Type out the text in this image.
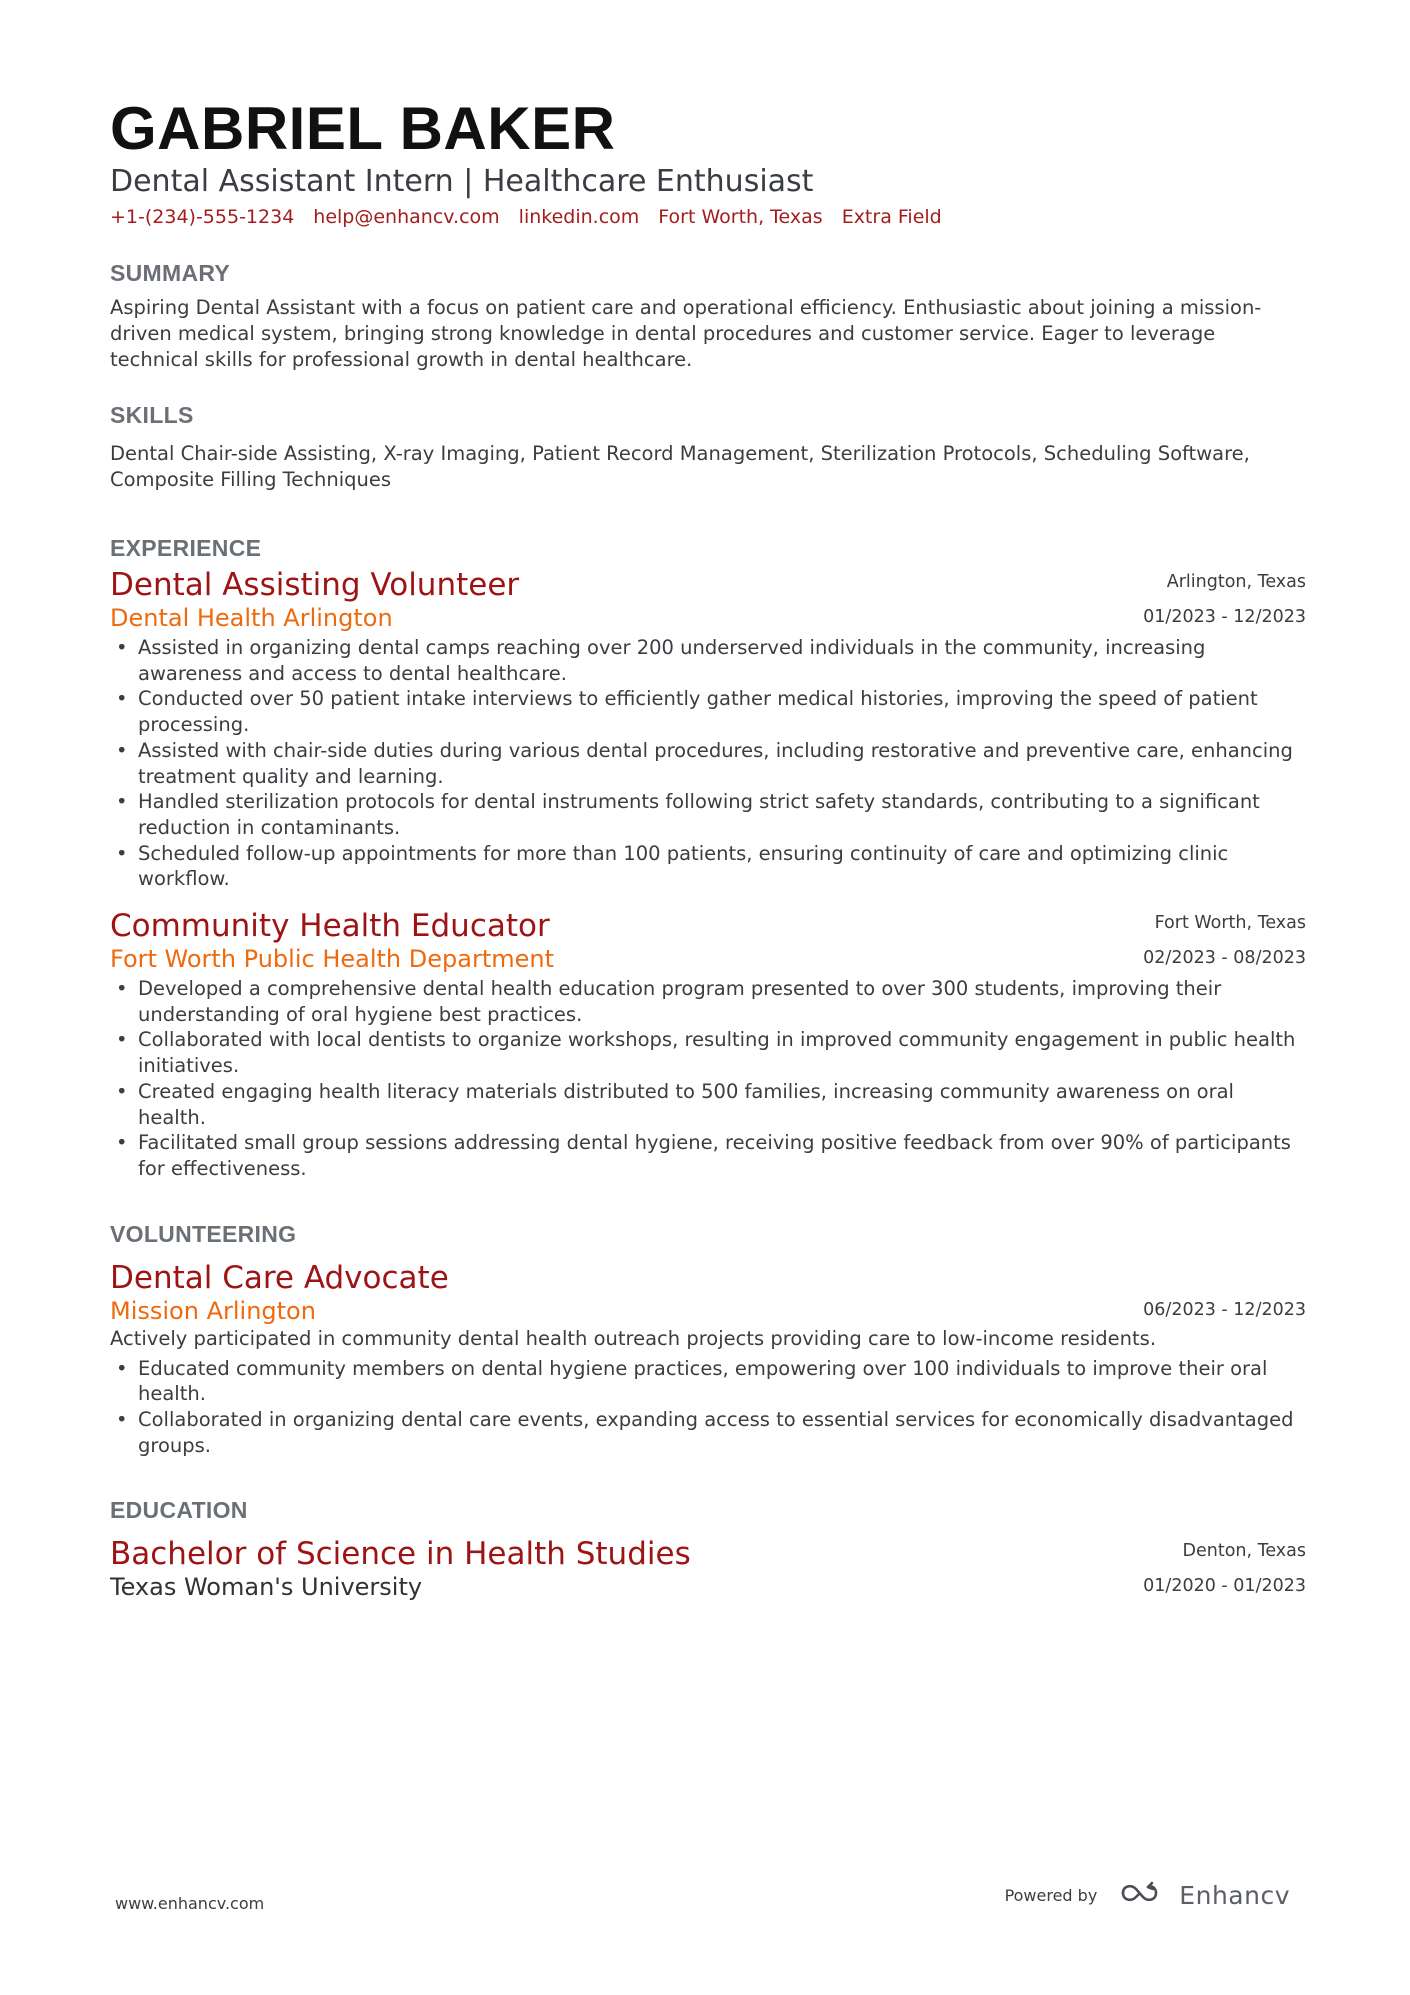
GABRIEL BAKER
Dental Assistant Intern | Healthcare Enthusiast
+1-(234)-555-1234 help@enhancv.com linkedin.com Fort Worth, Texas Extra Field
SUMMARY
Aspiring Dental Assistant with a focus on patient care and operational efficiency. Enthusiastic about joining a mission-driven medical system, bringing strong knowledge in dental procedures and customer service. Eager to leverage technical skills for professional growth in dental healthcare.
SKILLS
Dental Chair-side Assisting, X-ray Imaging, Patient Record Management, Sterilization Protocols, Scheduling Software, Composite Filling Techniques
EXPERIENCE
Arlington, Texas
01/2023 - 12/2023
Dental Assisting Volunteer
Dental Health Arlington
• Assisted in organizing dental camps reaching over 200 underserved individuals in the community, increasing awareness and access to dental healthcare.
• Conducted over 50 patient intake interviews to efficiently gather medical histories, improving the speed of patient processing.
• Assisted with chair-side duties during various dental procedures, including restorative and preventive care, enhancing treatment quality and learning.
• Handled sterilization protocols for dental instruments following strict safety standards, contributing to a significant reduction in contaminants.
• Scheduled follow-up appointments for more than 100 patients, ensuring continuity of care and optimizing clinic workflow.
Fort Worth, Texas
02/2023 - 08/2023
Community Health Educator
Fort Worth Public Health Department
• Developed a comprehensive dental health education program presented to over 300 students, improving their understanding of oral hygiene best practices.
• Collaborated with local dentists to organize workshops, resulting in improved community engagement in public health initiatives.
• Created engaging health literacy materials distributed to 500 families, increasing community awareness on oral health.
• Facilitated small group sessions addressing dental hygiene, receiving positive feedback from over 90% of participants for effectiveness.
VOLUNTEERING
06/2023 - 12/2023
Dental Care Advocate
Mission Arlington
Actively participated in community dental health outreach projects providing care to low-income residents.
• Educated community members on dental hygiene practices, empowering over 100 individuals to improve their oral health.
• Collaborated in organizing dental care events, expanding access to essential services for economically disadvantaged groups.
EDUCATION
Denton, Texas
01/2020 - 01/2023
Bachelor of Science in Health Studies
Texas Woman's University
www.enhancv.com	Powered by	Enhancv
